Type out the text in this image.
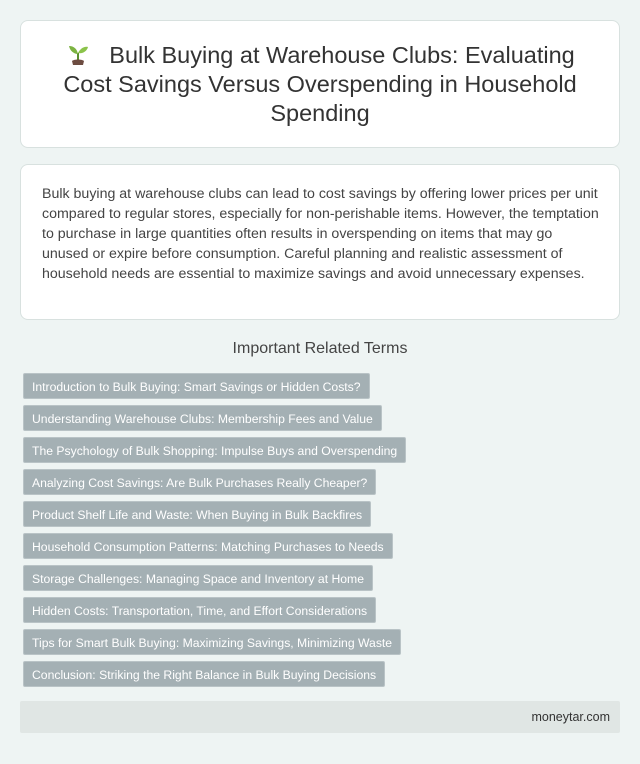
Bulk Buying at Warehouse Clubs: Evaluating Cost Savings Versus Overspending in Household Spending

Bulk buying at warehouse clubs can lead to cost savings by offering lower prices per unit compared to regular stores, especially for non-perishable items. However, the temptation to purchase in large quantities often results in overspending on items that may go unused or expire before consumption. Careful planning and realistic assessment of household needs are essential to maximize savings and avoid unnecessary expenses.

Important Related Terms
Introduction to Bulk Buying: Smart Savings or Hidden Costs?
Understanding Warehouse Clubs: Membership Fees and Value
The Psychology of Bulk Shopping: Impulse Buys and Overspending
Analyzing Cost Savings: Are Bulk Purchases Really Cheaper?
Product Shelf Life and Waste: When Buying in Bulk Backfires
Household Consumption Patterns: Matching Purchases to Needs
Storage Challenges: Managing Space and Inventory at Home
Hidden Costs: Transportation, Time, and Effort Considerations
Tips for Smart Bulk Buying: Maximizing Savings, Minimizing Waste
Conclusion: Striking the Right Balance in Bulk Buying Decisions
moneytar.com
